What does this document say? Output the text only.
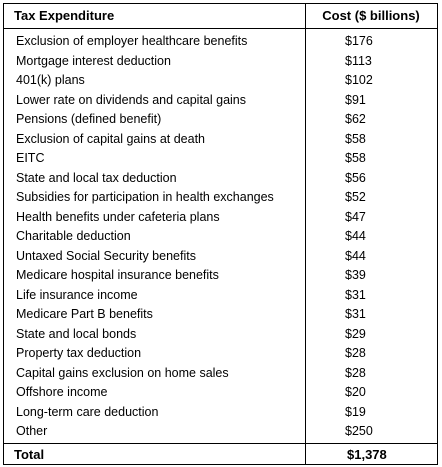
Tax Expenditure	Cost ($ billions)
Exclusion of employer healthcare benefits	$176
Mortgage interest deduction	$113
401(k) plans	$102
Lower rate on dividends and capital gains	$91
Pensions (defined benefit)	$62
Exclusion of capital gains at death	$58
EITC	$58
State and local tax deduction	$56
Subsidies for participation in health exchanges	$52
Health benefits under cafeteria plans	$47
Charitable deduction	$44
Untaxed Social Security benefits	$44
Medicare hospital insurance benefits	$39
Life insurance income	$31
Medicare Part B benefits	$31
State and local bonds	$29
Property tax deduction	$28
Capital gains exclusion on home sales	$28
Offshore income	$20
Long-term care deduction	$19
Other	$250
Total	$1,378
